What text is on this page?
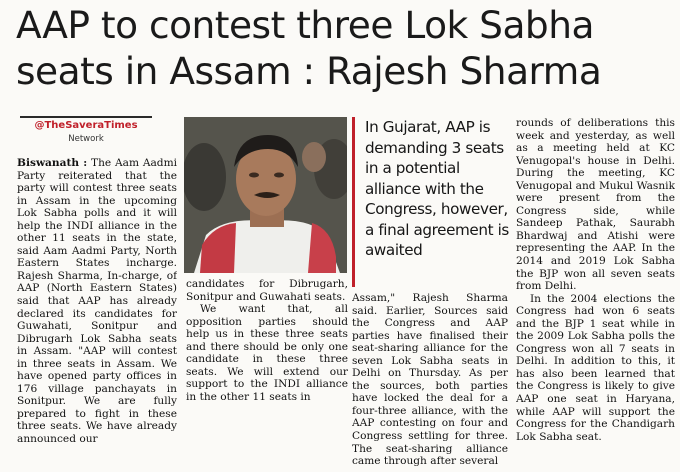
AAP to contest three Lok Sabha
seats in Assam : Rajesh Sharma
@TheSaveraTimes
Network

Biswanath : The Aam Aadmi Party reiterated that the party will contest three seats in Assam in the upcoming Lok Sabha polls and it will help the INDI alliance in the other 11 seats in the state, said Aam Aadmi Party, North Eastern States incharge. Rajesh Sharma, In-charge, of AAP (North Eastern States) said that AAP has already declared its candidates for Guwahati, Sonitpur and Dibrugarh Lok Sabha seats in Assam. "AAP will contest in three seats in Assam. We have opened party offices in 176 village panchayats in Sonitpur. We are fully prepared to fight in these three seats. We have already announced our

candidates for Dibrugarh, Sonitpur and Guwahati seats.

We want that, all opposition parties should help us in these three seats and there should be only one candidate in these three seats. We will extend our support to the INDI alliance in the other 11 seats in

In Gujarat, AAP is demanding 3 seats in a potential alliance with the Congress, however, a final agreement is awaited

Assam," Rajesh Sharma said. Earlier, Sources said the Congress and AAP parties have finalised their seat-sharing alliance for the seven Lok Sabha seats in Delhi on Thursday. As per the sources, both parties have locked the deal for a four-three alliance, with the AAP contesting on four and Congress settling for three. The seat-sharing alliance came through after several

rounds of deliberations this week and yesterday, as well as a meeting held at KC Venugopal's house in Delhi. During the meeting, KC Venugopal and Mukul Wasnik were present from the Congress side, while Sandeep Pathak, Saurabh Bhardwaj and Atishi were representing the AAP. In the 2014 and 2019 Lok Sabha the BJP won all seven seats from Delhi.

In the 2004 elections the Congress had won 6 seats and the BJP 1 seat while in the 2009 Lok Sabha polls the Congress won all 7 seats in Delhi. In addition to this, it has also been learned that the Congress is likely to give AAP one seat in Haryana, while AAP will support the Congress for the Chandigarh Lok Sabha seat.
